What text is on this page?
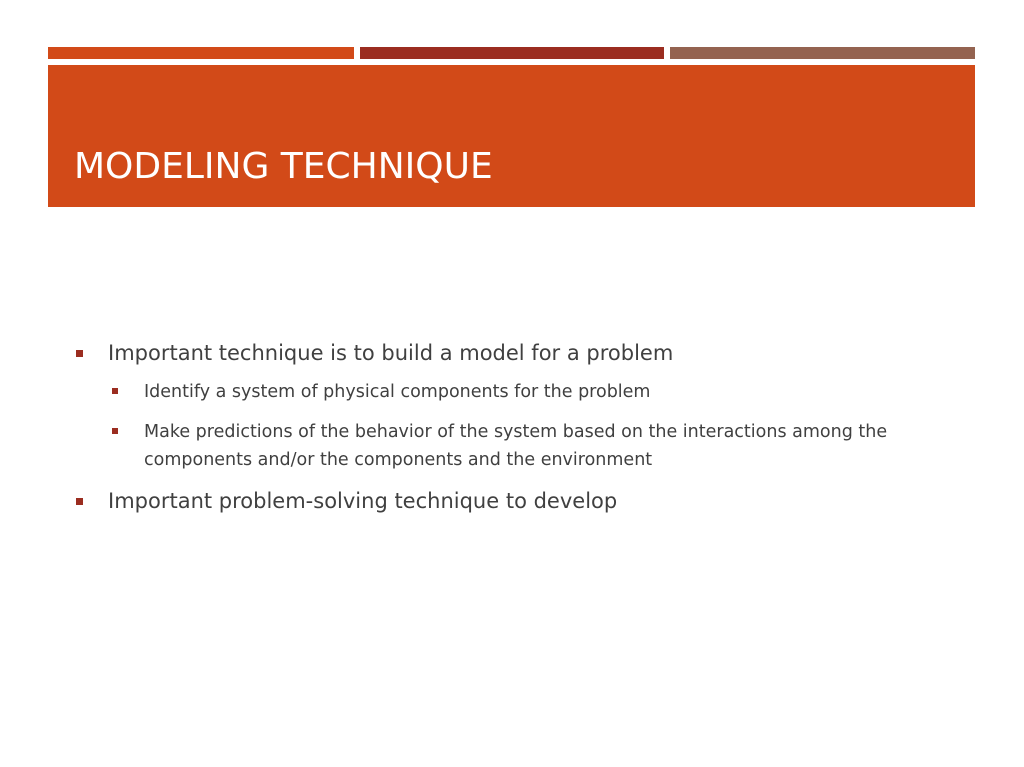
MODELING TECHNIQUE
Important technique is to build a model for a problem
Identify a system of physical components for the problem
Make predictions of the behavior of the system based on the interactions among the components and/or the components and the environment
Important problem-solving technique to develop
